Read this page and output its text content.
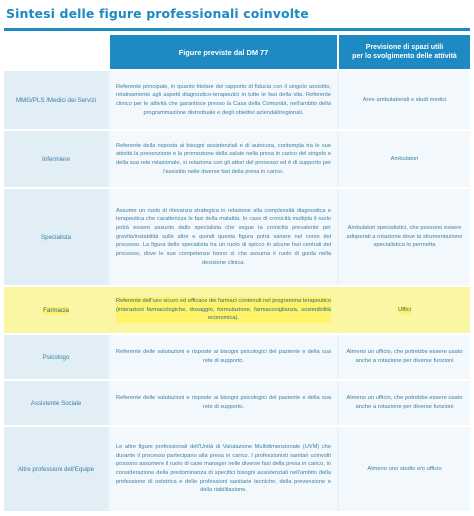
Sintesi delle figure professionali coinvolte
Figure previste dal DM 77
Previsione di spazi utili
per lo svolgimento delle attività
MMG/PLS /Medici dei Servizi
Referente principale, in quanto titolare del rapporto di fiducia con il singolo assistito, relativamente agli aspetti diagnostico-terapeutici in tutte le fasi della vita. Referente clinico per le attività che garantisce presso la Casa della Comunità, nell'ambito della programmazione distrettuale e degli obiettivi aziendali/regionali.
Aree ambulatoriali e studi medici
Infermiere
Referente della risposta ai bisogni assistenziali e di autocura, contempla tra le sue attività la prevenzione e la promozione della salute nella presa in carico del singolo e della sua rete relazionale, si relaziona con gli attori del processo ed è di supporto per l'assistito nelle diverse fasi della presa in carico.
Ambulatori
Specialista
Assume un ruolo di rilevanza strategica in relazione alla complessità diagnostica e terapeutica che caratterizza le fasi della malattia. In caso di cronicità multipla il ruolo potrà essere assunto dallo specialista che segue la cronicità prevalente per gravità/instabilità sulle altre e quindi questa figura potrà variare nel corso del processo. La figura dello specialista ha un ruolo di spicco in alcune fasi centrali del processo, dove le sue competenze fanno sì che assuma il ruolo di guida nella decisione clinica.
Ambulatori specialistici, che possono essere adoperati a rotazione dove la strumentazione specialistica lo permetta
Farmacia
Referente dell'uso sicuro ed efficace dei farmaci contenuti nel programma terapeutico (interazioni farmacologiche, dosaggio, formulazione, farmacovigilanza, sostenibilità economica).
Uffici
Psicologo
Referente delle valutazioni e risposte ai bisogni psicologici del paziente e della sua rete di supporto.
Almeno un ufficio, che potrebbe essere usato anche a rotazione per diverse funzioni
Assistente Sociale
Referente delle valutazioni e risposte ai bisogni psicologici del paziente e della sua rete di supporto.
Almeno un ufficio, che potrebbe essere usato anche a rotazione per diverse funzioni
Altre professioni dell'Equipe
Le altre figure professionali dell'Unità di Valutazione Multidimensionale (UVM) che durante il processo partecipano alla presa in carico. I professionisti sanitari coinvolti possono assumere il ruolo di case manager nelle diverse fasi della presa in carico, in considerazione della predominanza di specifici bisogni assistenziali nell'ambito della professione di ostetrica e delle professioni sanitarie tecniche, della prevenzione e della riabilitazione.
Almeno uno studio e/o ufficio
